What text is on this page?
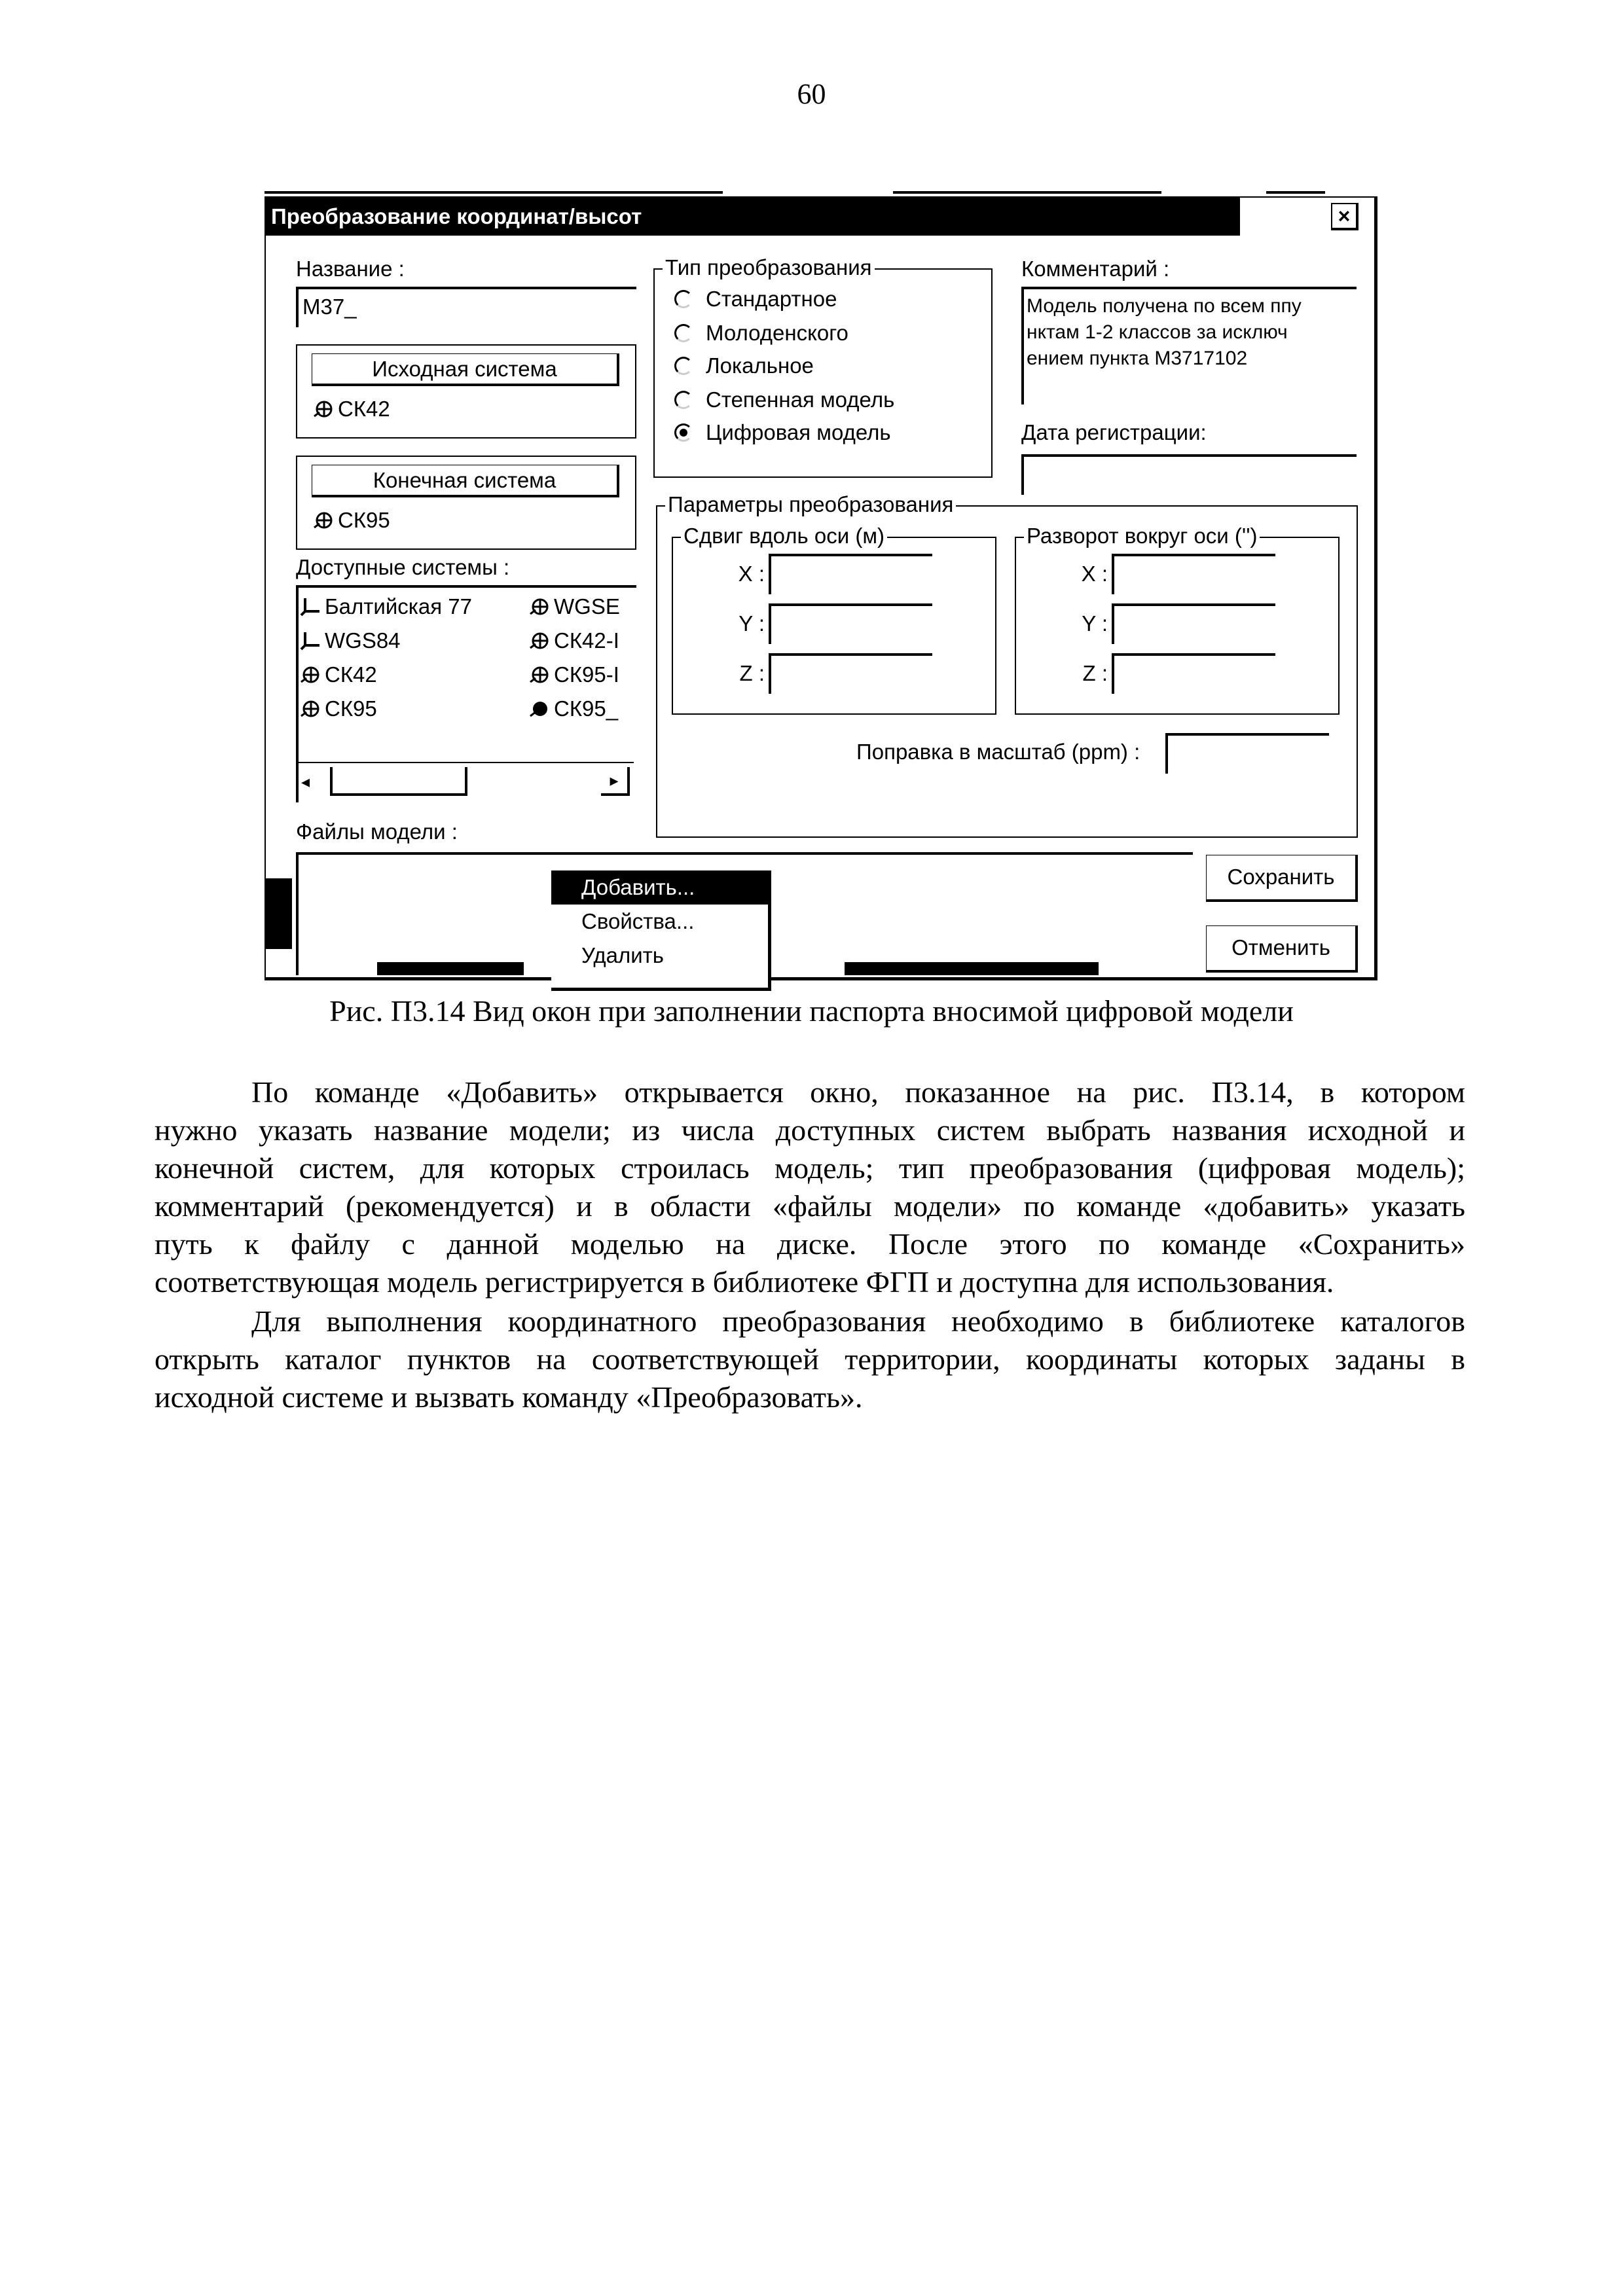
60
Преобразование координат/высот	×
Название :
M37_
Исходная система
СК42
Конечная система
СК95
Доступные системы :
Балтийская 77
WGS84
СК42
СК95
WGSE
СК42-I
СК95-I
СК95_
◂	▸
Тип преобразования
Стандартное
Молоденского
Локальное
Степенная модель
Цифровая модель
Комментарий :
Модель получена по всем ппу
нктам 1-2 классов за исключ
ением пункта M3717102
Дата регистрации:
Параметры преобразования
Сдвиг вдоль оси (м)
X :
Y :
Z :
Разворот вокруг оси ('')
X :
Y :
Z :
Поправка в масштаб (ppm) :
Файлы модели :
Сохранить
Отменить
Добавить...
Свойства...
Удалить
Рис. П3.14 Вид окон при заполнении паспорта вносимой цифровой модели
По команде «Добавить» открывается окно, показанное на рис. П3.14, в котором
нужно указать название модели; из числа доступных систем выбрать названия исходной и
конечной систем, для которых строилась модель; тип преобразования (цифровая модель);
комментарий (рекомендуется) и в области «файлы модели» по команде «добавить» указать
путь к файлу с данной моделью на диске. После этого по команде «Сохранить»
соответствующая модель регистрируется в библиотеке ФГП и доступна для использования.
Для выполнения координатного преобразования необходимо в библиотеке каталогов
открыть каталог пунктов на соответствующей территории, координаты которых заданы в
исходной системе и вызвать команду «Преобразовать».
